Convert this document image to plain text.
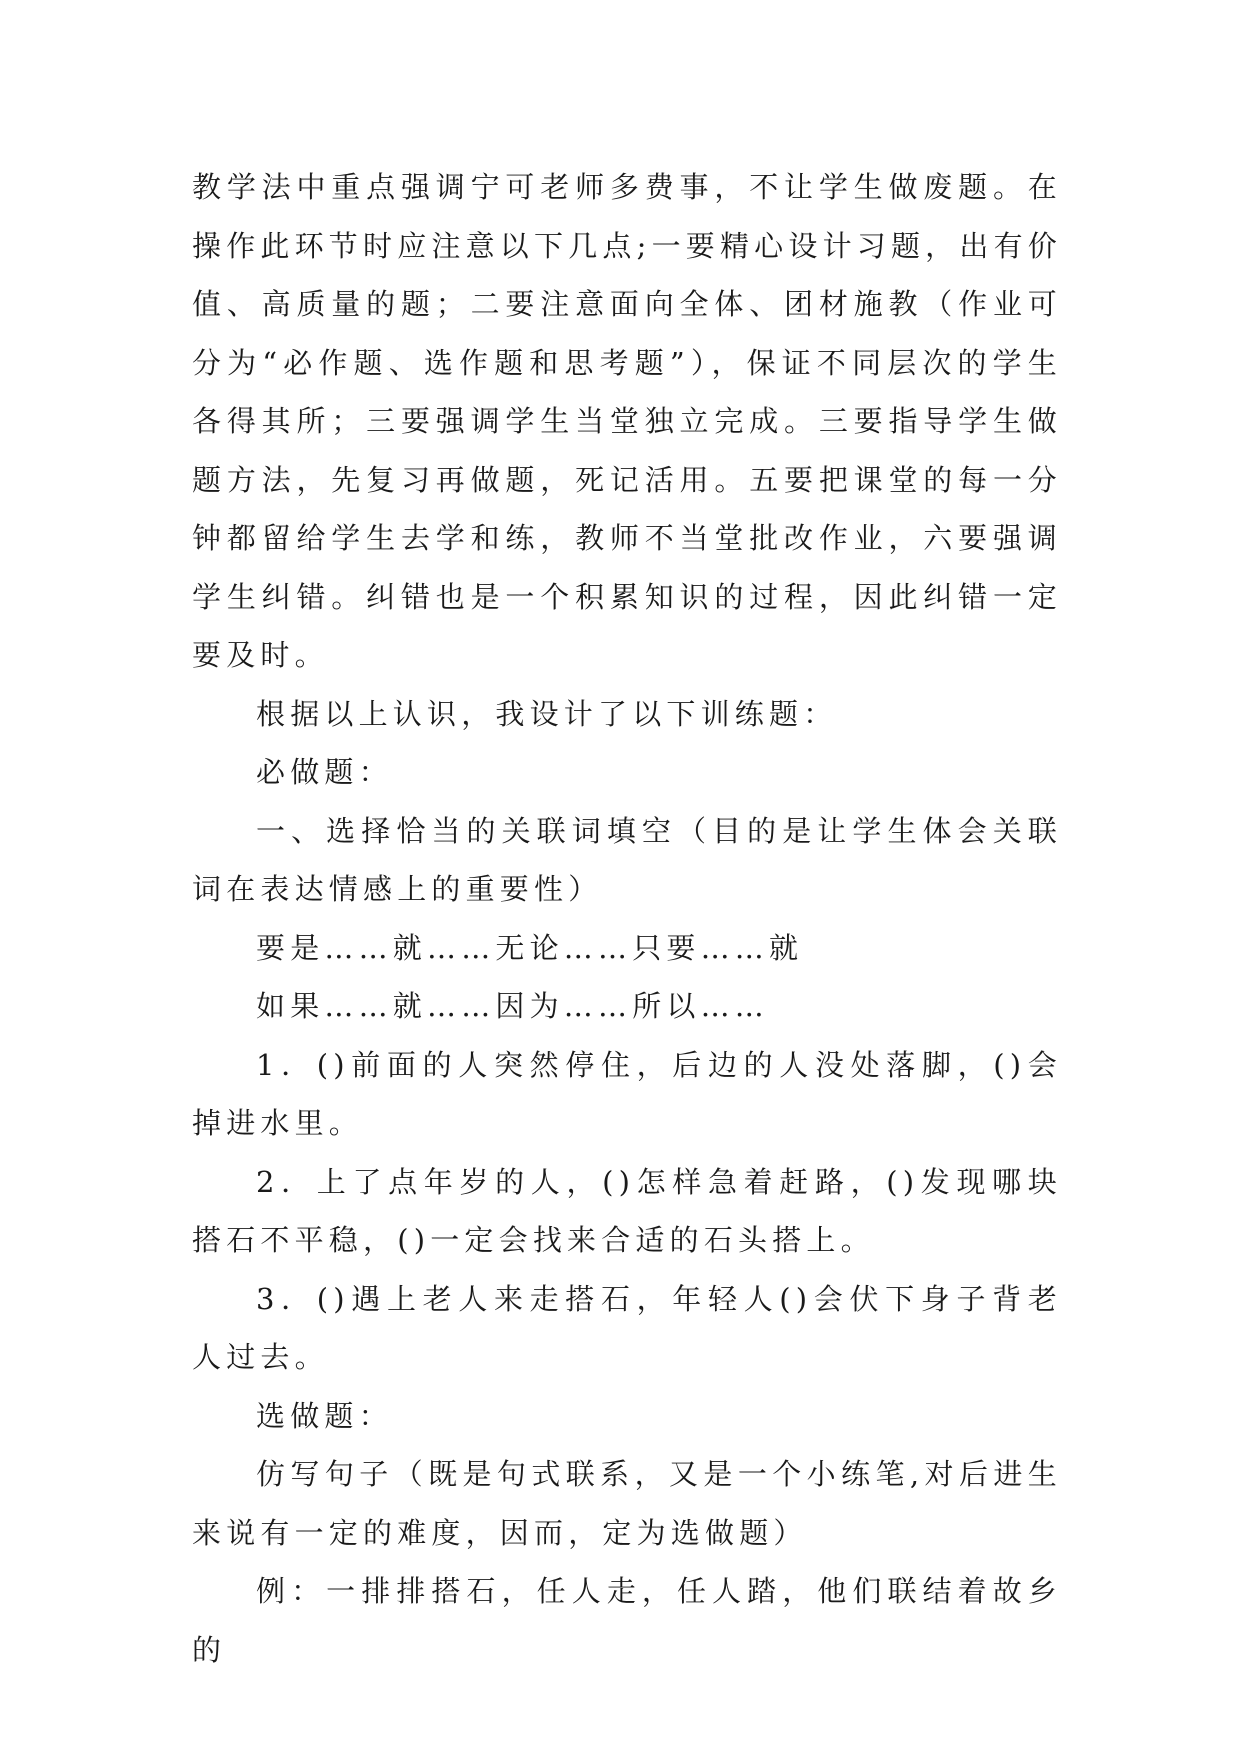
教学法中重点强调宁可老师多费事，不让学生做废题。在操作此环节时应注意以下几点;一要精心设计习题，出有价值、高质量的题；二要注意面向全体、团材施教（作业可分为“必作题、选作题和思考题”），保证不同层次的学生各得其所；三要强调学生当堂独立完成。三要指导学生做题方法，先复习再做题，死记活用。五要把课堂的每一分钟都留给学生去学和练，教师不当堂批改作业，六要强调学生纠错。纠错也是一个积累知识的过程，因此纠错一定要及时。

根据以上认识，我设计了以下训练题：

必做题：

一、选择恰当的关联词填空（目的是让学生体会关联词在表达情感上的重要性）

要是……就……无论……只要……就

如果……就……因为……所以……

1．()前面的人突然停住，后边的人没处落脚，()会掉进水里。

2．上了点年岁的人，()怎样急着赶路，()发现哪块搭石不平稳，()一定会找来合适的石头搭上。

3．()遇上老人来走搭石，年轻人()会伏下身子背老人过去。

选做题：

仿写句子（既是句式联系，又是一个小练笔,对后进生来说有一定的难度，因而，定为选做题）

例：一排排搭石，任人走，任人踏，他们联结着故乡的
